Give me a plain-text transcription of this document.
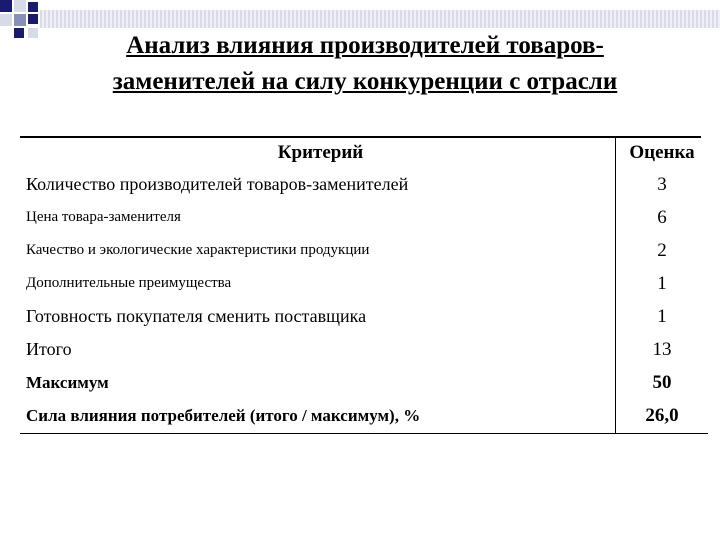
Анализ влияния производителей товаров-заменителей на силу конкуренции с отрасли
Критерий	Оценка
Количество производителей товаров-заменителей	3
Цена товара-заменителя	6
Качество и экологические характеристики продукции	2
Дополнительные преимущества	1
Готовность покупателя сменить поставщика	1
Итого	13
Максимум	50
Сила влияния потребителей (итого / максимум), %	26,0
